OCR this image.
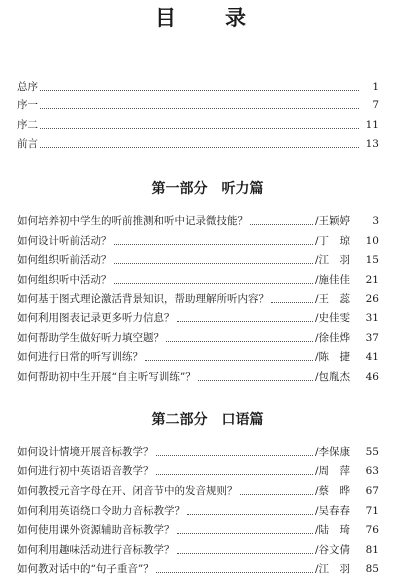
目　录
总序	1
序一	7
序二	11
前言	13
第一部分　听力篇
如何培养初中学生的听前推测和听中记录微技能？	/王颖婷	3
如何设计听前活动？	/丁　琼	10
如何组织听前活动？	/江　羽	15
如何组织听中活动？	/施佳佳	21
如何基于图式理论激活背景知识，帮助理解所听内容？	/王　蕊	26
如何利用图表记录更多听力信息？	/史佳雯	31
如何帮助学生做好听力填空题？	/徐佳烨	37
如何进行日常的听写训练？	/陈　捷	41
如何帮助初中生开展“自主听写训练”？	/包胤杰	46
第二部分　口语篇
如何设计情境开展音标教学？	/李保康	55
如何进行初中英语语音教学？	/周　萍	63
如何教授元音字母在开、闭音节中的发音规则？	/蔡　晔	67
如何利用英语绕口令助力音标教学？	/吴春春	71
如何使用课外资源辅助音标教学？	/陆　琦	76
如何利用趣味活动进行音标教学？	/谷文倩	81
如何教对话中的“句子重音”？	/江　羽	85
